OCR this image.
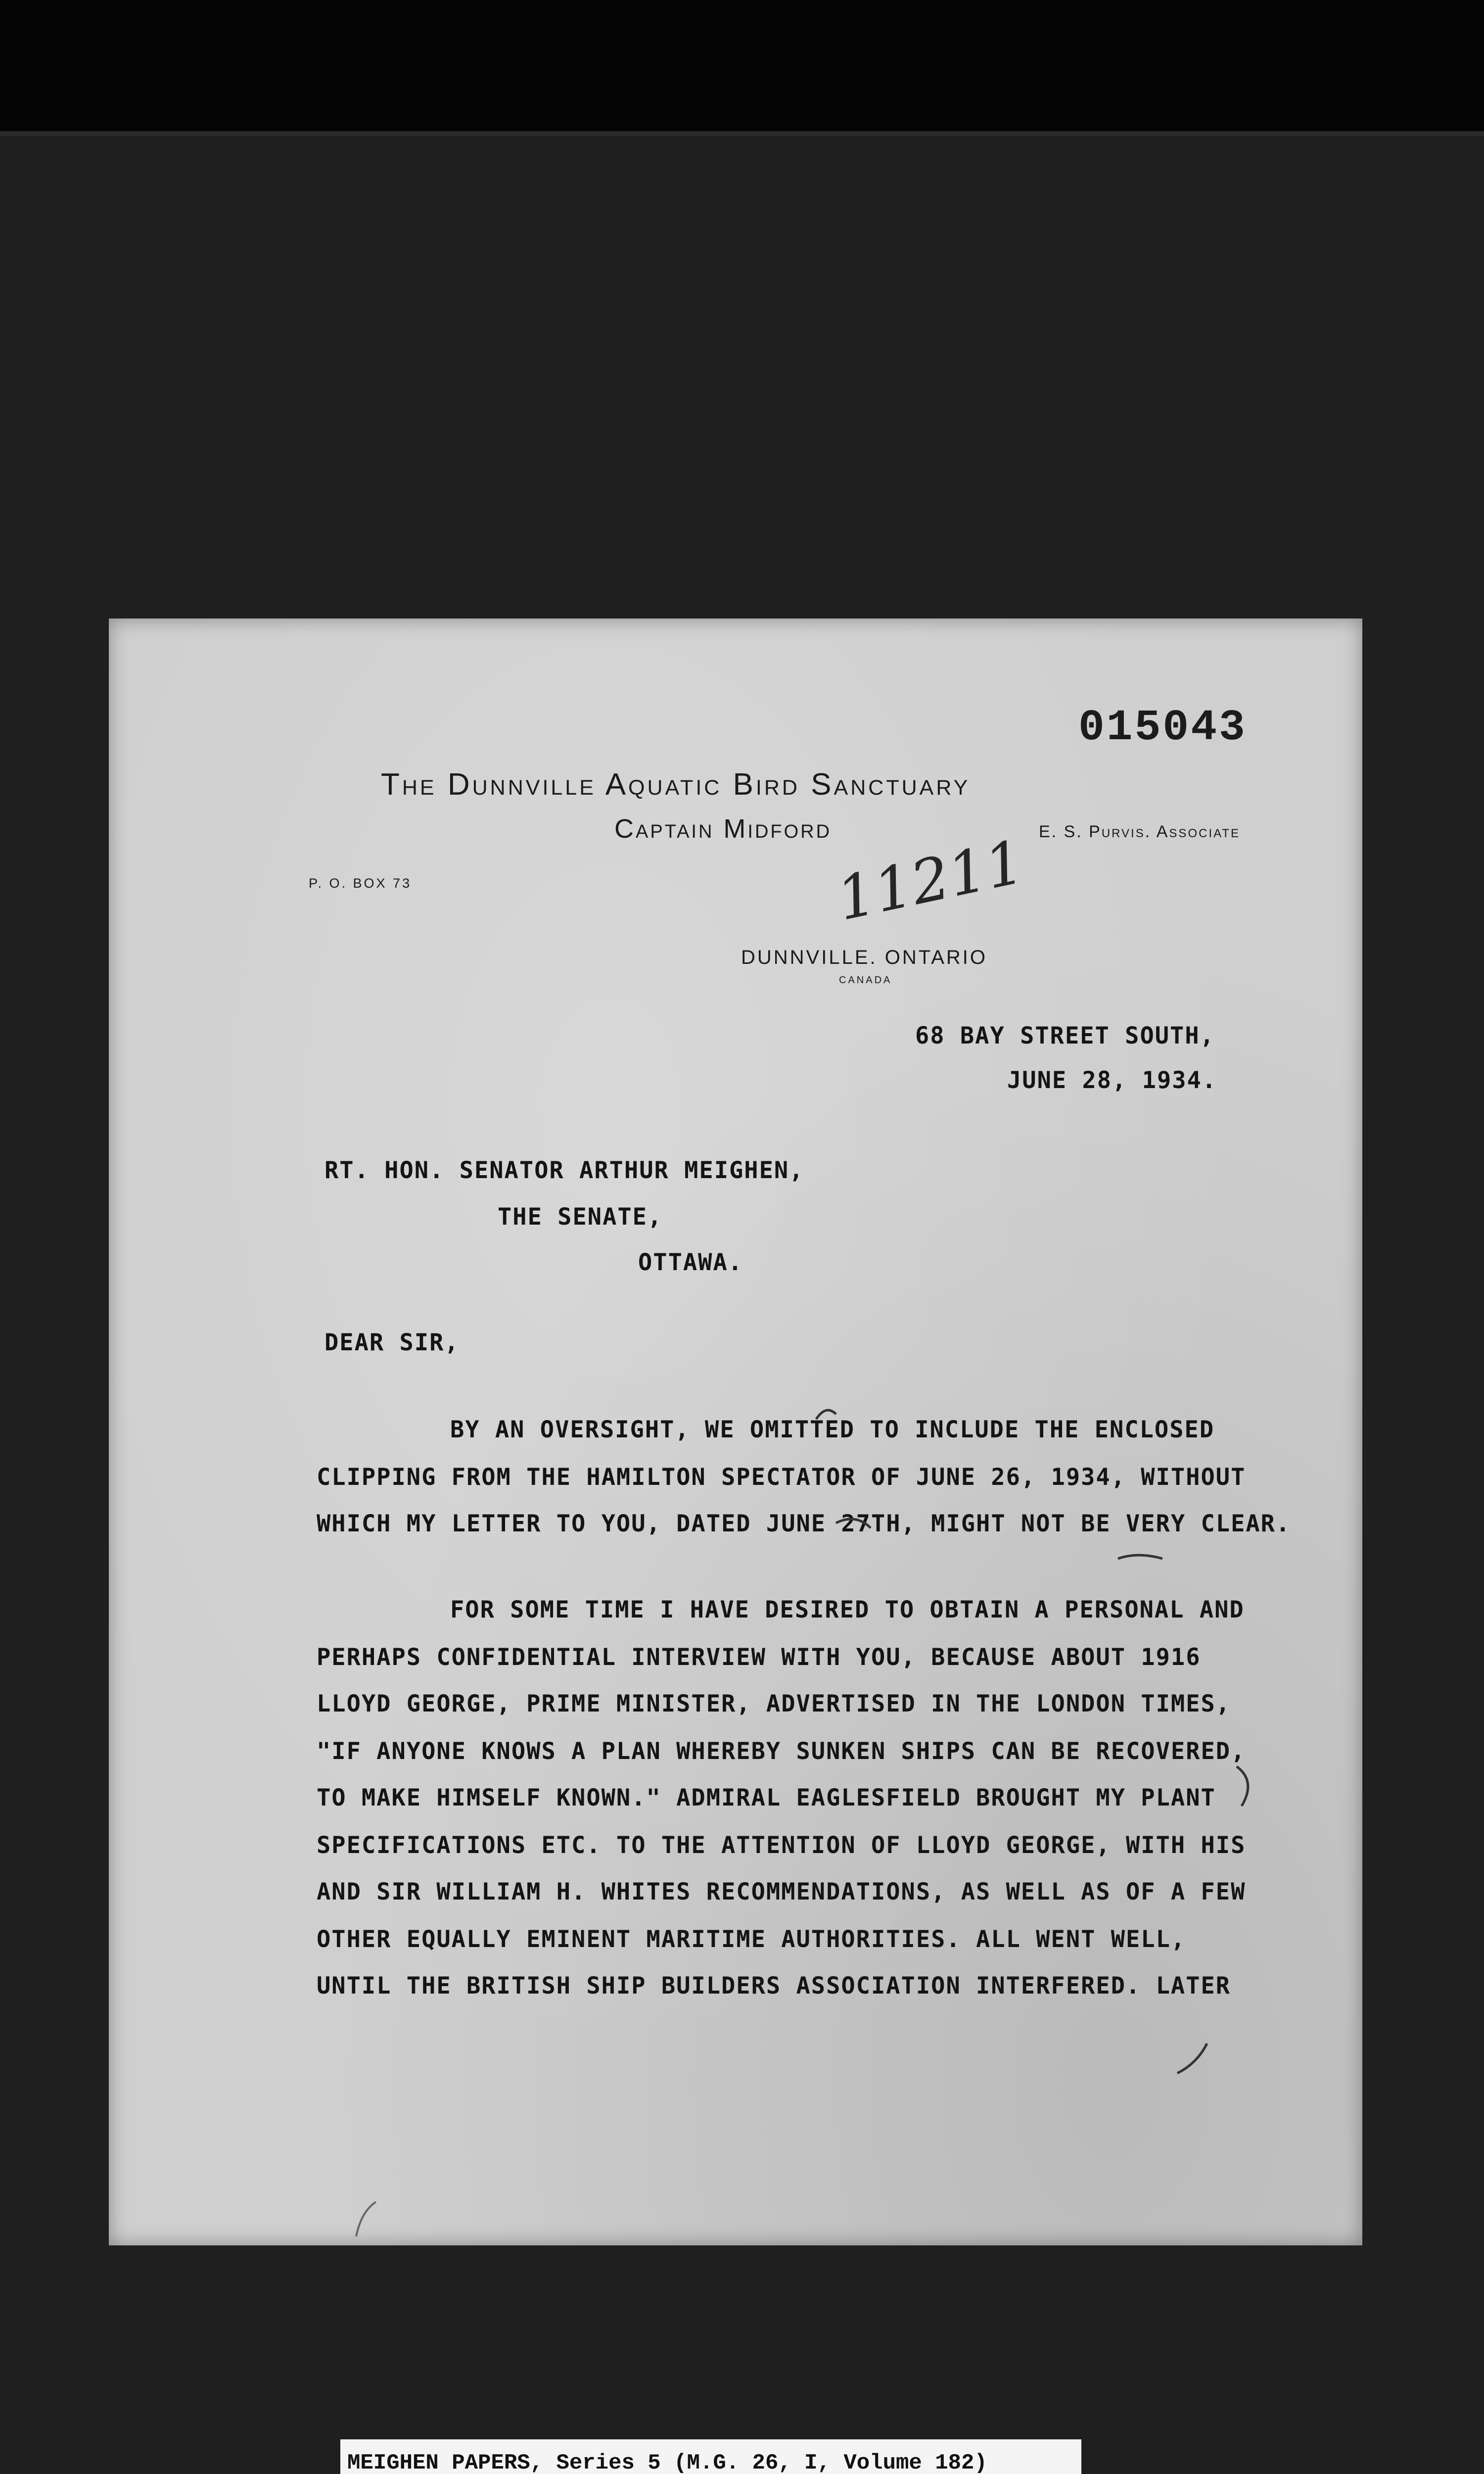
The Dunnville Aquatic Bird Sanctuary
Captain Midford	E. S. Purvis. Associate
P. O. BOX 73
DUNNVILLE. ONTARIO
CANADA
015043
11211
68 BAY STREET SOUTH,
JUNE 28, 1934.
RT. HON. SENATOR ARTHUR MEIGHEN,
THE SENATE,
OTTAWA.
DEAR SIR,
BY AN OVERSIGHT, WE OMITTED TO INCLUDE THE ENCLOSED
CLIPPING FROM THE HAMILTON SPECTATOR OF JUNE 26, 1934, WITHOUT
WHICH MY LETTER TO YOU, DATED JUNE 27TH, MIGHT NOT BE VERY CLEAR.
FOR SOME TIME I HAVE DESIRED TO OBTAIN A PERSONAL AND
PERHAPS CONFIDENTIAL INTERVIEW WITH YOU, BECAUSE ABOUT 1916
LLOYD GEORGE, PRIME MINISTER, ADVERTISED IN THE LONDON TIMES,
"IF ANYONE KNOWS A PLAN WHEREBY SUNKEN SHIPS CAN BE RECOVERED,
TO MAKE HIMSELF KNOWN." ADMIRAL EAGLESFIELD BROUGHT MY PLANT
SPECIFICATIONS ETC. TO THE ATTENTION OF LLOYD GEORGE, WITH HIS
AND SIR WILLIAM H. WHITES RECOMMENDATIONS, AS WELL AS OF A FEW
OTHER EQUALLY EMINENT MARITIME AUTHORITIES. ALL WENT WELL,
UNTIL THE BRITISH SHIP BUILDERS ASSOCIATION INTERFERED. LATER
MEIGHEN PAPERS, Series 5 (M.G. 26, I, Volume 182)
